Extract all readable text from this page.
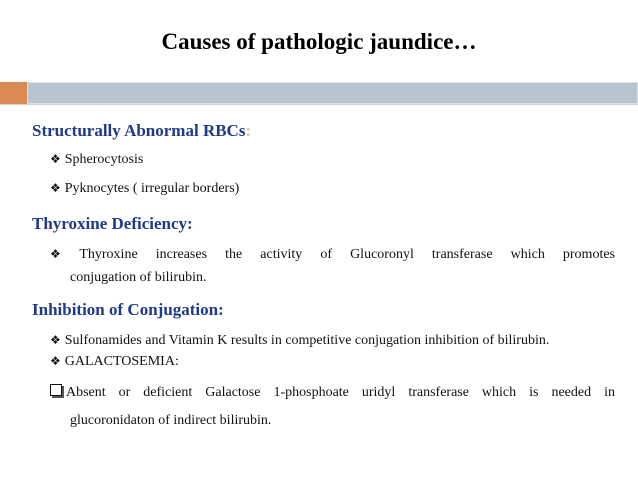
Causes of pathologic jaundice…
Structurally Abnormal RBCs:
❖ Spherocytosis
❖ Pyknocytes ( irregular borders)
Thyroxine Deficiency:
❖ Thyroxine increases the activity of Glucoronyl transferase which promotes
conjugation of bilirubin.
Inhibition of Conjugation:
❖ Sulfonamides and Vitamin K results in competitive conjugation inhibition of bilirubin.
❖ GALACTOSEMIA:
Absent or deficient Galactose 1-phosphoate uridyl transferase which is needed in
glucoronidaton of indirect bilirubin.
